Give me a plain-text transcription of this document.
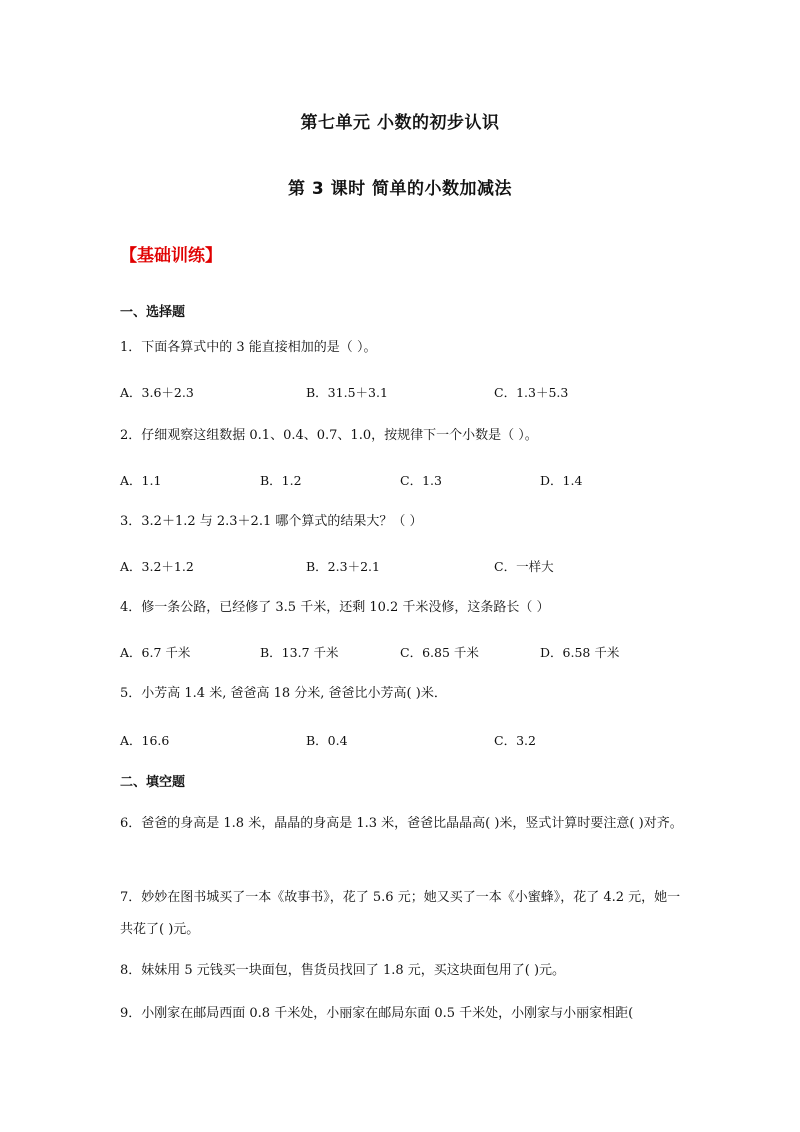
第七单元 小数的初步认识
第 3 课时 简单的小数加减法
【基础训练】
一、选择题
1．下面各算式中的 3 能直接相加的是（ ）。
A．3.6＋2.3	B．31.5＋3.1	C．1.3＋5.3
2．仔细观察这组数据 0.1、0.4、0.7、1.0，按规律下一个小数是（ ）。
A．1.1	B．1.2	C．1.3	D．1.4
3．3.2＋1.2 与 2.3＋2.1 哪个算式的结果大？（ ）
A．3.2＋1.2	B．2.3＋2.1	C．一样大
4．修一条公路，已经修了 3.5 千米，还剩 10.2 千米没修，这条路长（ ）
A．6.7 千米	B．13.7 千米	C．6.85 千米	D．6.58 千米
5．小芳高 1.4 米, 爸爸高 18 分米, 爸爸比小芳高( )米．
A．16.6	B．0.4	C．3.2
二、填空题
6．爸爸的身高是 1.8 米，晶晶的身高是 1.3 米，爸爸比晶晶高( )米，竖式计算时要注意( )对齐。
7．妙妙在图书城买了一本《故事书》，花了 5.6 元；她又买了一本《小蜜蜂》，花了 4.2 元，她一共花了( )元。
8．妹妹用 5 元钱买一块面包，售货员找回了 1.8 元，买这块面包用了( )元。
9．小刚家在邮局西面 0.8 千米处，小丽家在邮局东面 0.5 千米处，小刚家与小丽家相距(
